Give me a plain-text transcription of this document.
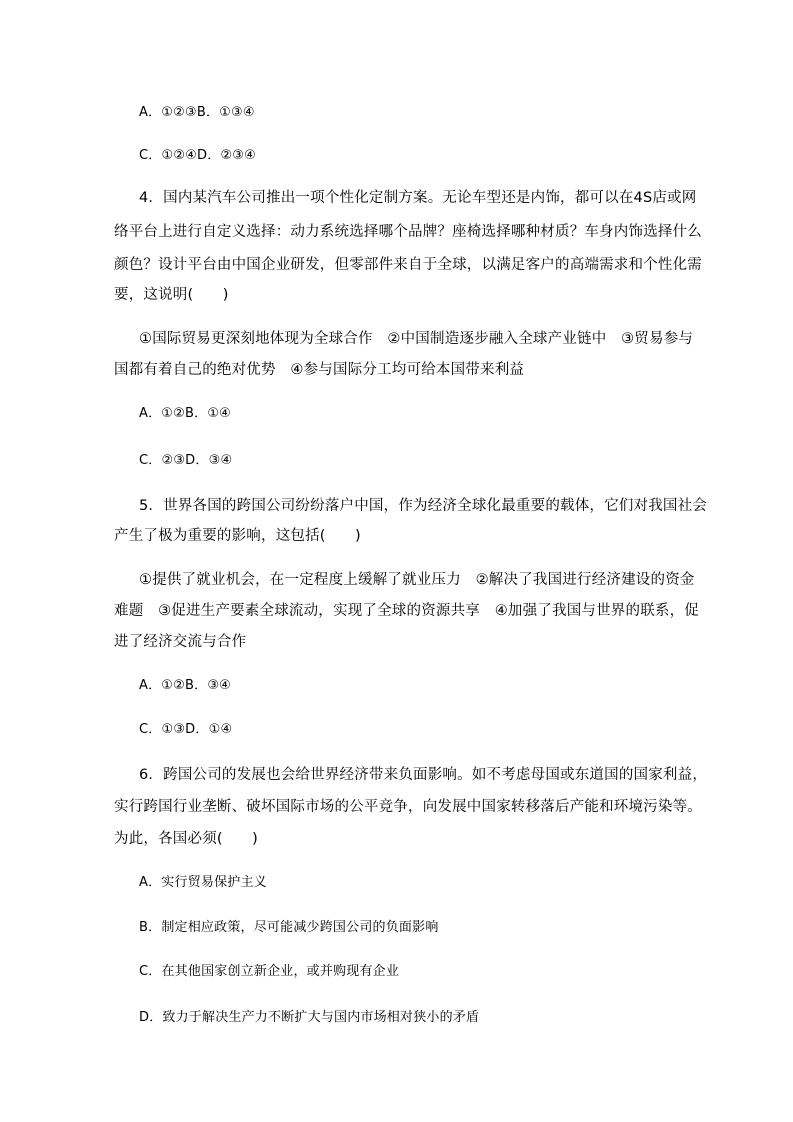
A．①②③B．①③④
C．①②④D．②③④
4．国内某汽车公司推出一项个性化定制方案。无论车型还是内饰，都可以在4S店或网
络平台上进行自定义选择：动力系统选择哪个品牌？座椅选择哪种材质？车身内饰选择什么
颜色？设计平台由中国企业研发，但零部件来自于全球，以满足客户的高端需求和个性化需
要，这说明(　　)
①国际贸易更深刻地体现为全球合作　②中国制造逐步融入全球产业链中　③贸易参与
国都有着自己的绝对优势　④参与国际分工均可给本国带来利益
A．①②B．①④
C．②③D．③④
5．世界各国的跨国公司纷纷落户中国，作为经济全球化最重要的载体，它们对我国社会
产生了极为重要的影响，这包括(　　)
①提供了就业机会，在一定程度上缓解了就业压力　②解决了我国进行经济建设的资金
难题　③促进生产要素全球流动，实现了全球的资源共享　④加强了我国与世界的联系，促
进了经济交流与合作
A．①②B．③④
C．①③D．①④
6．跨国公司的发展也会给世界经济带来负面影响。如不考虑母国或东道国的国家利益，
实行跨国行业垄断、破坏国际市场的公平竞争，向发展中国家转移落后产能和环境污染等。
为此，各国必须(　　)
A．实行贸易保护主义
B．制定相应政策，尽可能减少跨国公司的负面影响
C．在其他国家创立新企业，或并购现有企业
D．致力于解决生产力不断扩大与国内市场相对狭小的矛盾
